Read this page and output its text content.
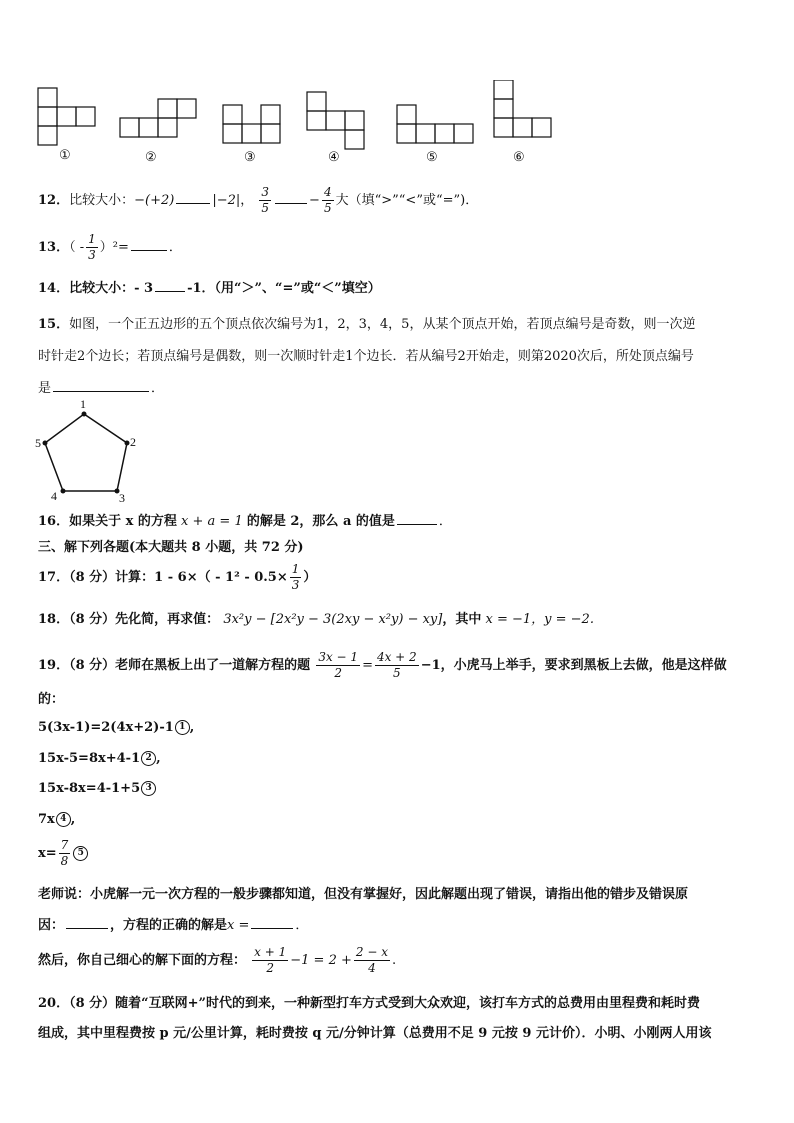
①	②	③	④	⑤	⑥
12．比较大小：−(+2)	|−2|， $\frac{3}{5}$	− $\frac{4}{5}$ 大（填“>”“<”或“=”)．
13．（ - $\frac{1}{3} )^2=$	．
14．比较大小：- 3	-1．（用“＞”、“=”或“＜”填空）
15．如图，一个正五边形的五个顶点依次编号为1，2，3，4，5，从某个顶点开始，若顶点编号是奇数，则一次逆
时针走2个边长；若顶点编号是偶数，则一次顺时针走1个边长．若从编号2开始走，则第2020次后，所处顶点编号
是	．
1
2
3
4
5
16．如果关于 x 的方程 x + a = 1 的解是 2，那么 a 的值是	．
三、解下列各题(本大题共 8 小题，共 72 分)
17．（8 分）计算：$1 - 6\times( - 1^2 - 0.5\times \frac{1}{3}$ ）
18．（8 分）先化简，再求值： 3x²y − [2x²y − 3(2xy − x²y) − xy]，其中 x = −1，y = −2.
19．（8 分）老师在黑板上出了一道解方程的题 $\frac{3x - 1}{2} = \frac{4x + 2}{5} -1$，小虎马上举手，要求到黑板上去做，他是这样做
的：
5(3x-1)=2(4x+2)-1 1 ,
15x-5=8x+4-1 2 ,
15x-8x=4-1+5 3
7x 4 ,
$x= \frac{7}{8} 5$
老师说：小虎解一元一次方程的一般步骤都知道，但没有掌握好，因此解题出现了错误，请指出他的错步及错误原
因：	，方程的正确的解是x =	．
然后，你自己细心的解下面的方程： $\frac{x + 1}{2} -1 = 2 + \frac{2 - x}{4}$ .
20．（8 分）随着“互联网+”时代的到来，一种新型打车方式受到大众欢迎，该打车方式的总费用由里程费和耗时费
组成，其中里程费按 p 元/公里计算，耗时费按 q 元/分钟计算（总费用不足 9 元按 9 元计价）．小明、小刚两人用该
